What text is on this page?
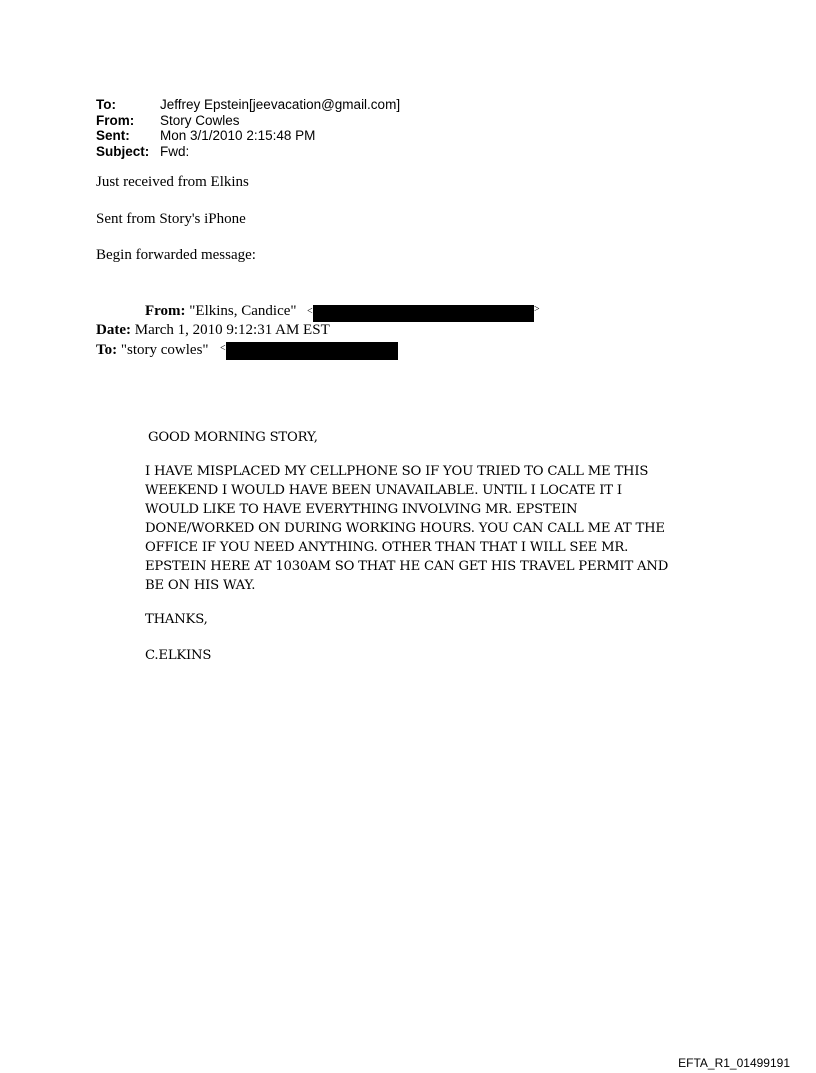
To:	Jeffrey Epstein[jeevacation@gmail.com]
From:	Story Cowles
Sent:	Mon 3/1/2010 2:15:48 PM
Subject: Fwd:
Just received from Elkins
Sent from Story's iPhone
Begin forwarded message:
From: "Elkins, Candice" <	>
Date: March 1, 2010 9:12:31 AM EST
To: "story cowles" <
GOOD MORNING STORY,
I HAVE MISPLACED MY CELLPHONE SO IF YOU TRIED TO CALL ME THIS
WEEKEND I WOULD HAVE BEEN UNAVAILABLE. UNTIL I LOCATE IT I
WOULD LIKE TO HAVE EVERYTHING INVOLVING MR. EPSTEIN
DONE/WORKED ON DURING WORKING HOURS. YOU CAN CALL ME AT THE
OFFICE IF YOU NEED ANYTHING. OTHER THAN THAT I WILL SEE MR.
EPSTEIN HERE AT 1030AM SO THAT HE CAN GET HIS TRAVEL PERMIT AND
BE ON HIS WAY.
THANKS,
C.ELKINS
EFTA_R1_01499191
